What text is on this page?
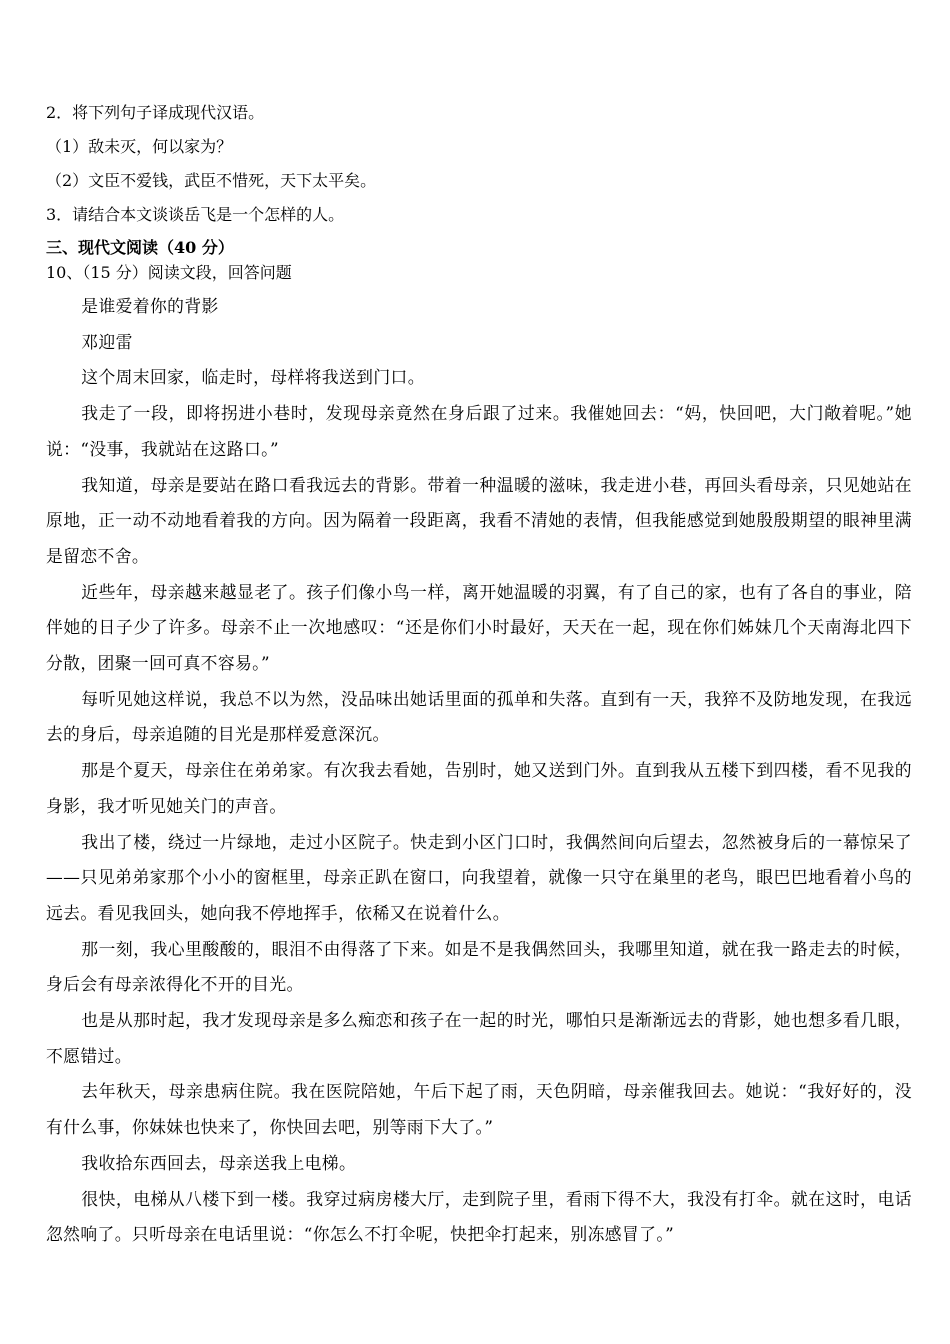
2．将下列句子译成现代汉语。
（1）敌未灭，何以家为？
（2）文臣不爱钱，武臣不惜死，天下太平矣。
3．请结合本文谈谈岳飞是一个怎样的人。
三、现代文阅读（40 分）
10、（15 分）阅读文段，回答问题

是谁爱着你的背影

邓迎雷

这个周末回家，临走时，母样将我送到门口。

我走了一段，即将拐进小巷时，发现母亲竟然在身后跟了过来。我催她回去：“妈，快回吧，大门敞着呢。”她说：“没事，我就站在这路口。”

我知道，母亲是要站在路口看我远去的背影。带着一种温暖的滋味，我走进小巷，再回头看母亲，只见她站在原地，正一动不动地看着我的方向。因为隔着一段距离，我看不清她的表情，但我能感觉到她殷殷期望的眼神里满是留恋不舍。

近些年，母亲越来越显老了。孩子们像小鸟一样，离开她温暖的羽翼，有了自己的家，也有了各自的事业，陪伴她的日子少了许多。母亲不止一次地感叹：“还是你们小时最好，天天在一起，现在你们姊妹几个天南海北四下分散，团聚一回可真不容易。”

每听见她这样说，我总不以为然，没品味出她话里面的孤单和失落。直到有一天，我猝不及防地发现，在我远去的身后，母亲追随的目光是那样爱意深沉。

那是个夏天，母亲住在弟弟家。有次我去看她，告别时，她又送到门外。直到我从五楼下到四楼，看不见我的身影，我才听见她关门的声音。

我出了楼，绕过一片绿地，走过小区院子。快走到小区门口时，我偶然间向后望去，忽然被身后的一幕惊呆了——只见弟弟家那个小小的窗框里，母亲正趴在窗口，向我望着，就像一只守在巢里的老鸟，眼巴巴地看着小鸟的远去。看见我回头，她向我不停地挥手，依稀又在说着什么。

那一刻，我心里酸酸的，眼泪不由得落了下来。如是不是我偶然回头，我哪里知道，就在我一路走去的时候，身后会有母亲浓得化不开的目光。

也是从那时起，我才发现母亲是多么痴恋和孩子在一起的时光，哪怕只是渐渐远去的背影，她也想多看几眼，不愿错过。

去年秋天，母亲患病住院。我在医院陪她，午后下起了雨，天色阴暗，母亲催我回去。她说：“我好好的，没有什么事，你妹妹也快来了，你快回去吧，别等雨下大了。”

我收拾东西回去，母亲送我上电梯。

很快，电梯从八楼下到一楼。我穿过病房楼大厅，走到院子里，看雨下得不大，我没有打伞。就在这时，电话忽然响了。只听母亲在电话里说：“你怎么不打伞呢，快把伞打起来，别冻感冒了。”
